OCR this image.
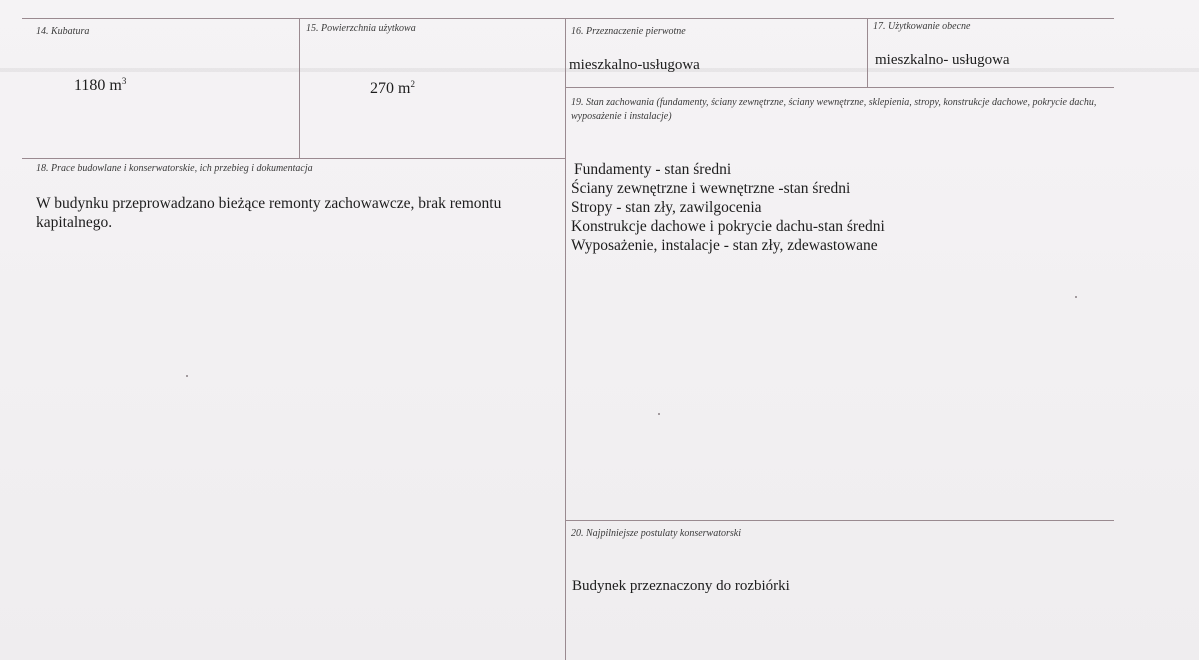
14. Kubatura
1180 $m^3$
15. Powierzchnia użytkowa
270 $m^2$
16. Przeznaczenie pierwotne
mieszkalno-usługowa
17. Użytkowanie obecne
mieszkalno- usługowa
18. Prace budowlane i konserwatorskie, ich przebieg i dokumentacja
W budynku przeprowadzano bieżące remonty zachowawcze, brak remontu kapitalnego.
19. Stan zachowania (fundamenty, ściany zewnętrzne, ściany wewnętrzne, sklepienia, stropy, konstrukcje dachowe, pokrycie dachu, wyposażenie i instalacje)
Fundamenty - stan średni
Ściany zewnętrzne i wewnętrzne -stan średni
Stropy - stan zły, zawilgocenia
Konstrukcje dachowe i pokrycie dachu-stan średni
Wyposażenie, instalacje - stan zły, zdewastowane
20. Najpilniejsze postulaty konserwatorski
Budynek przeznaczony do rozbiórki
